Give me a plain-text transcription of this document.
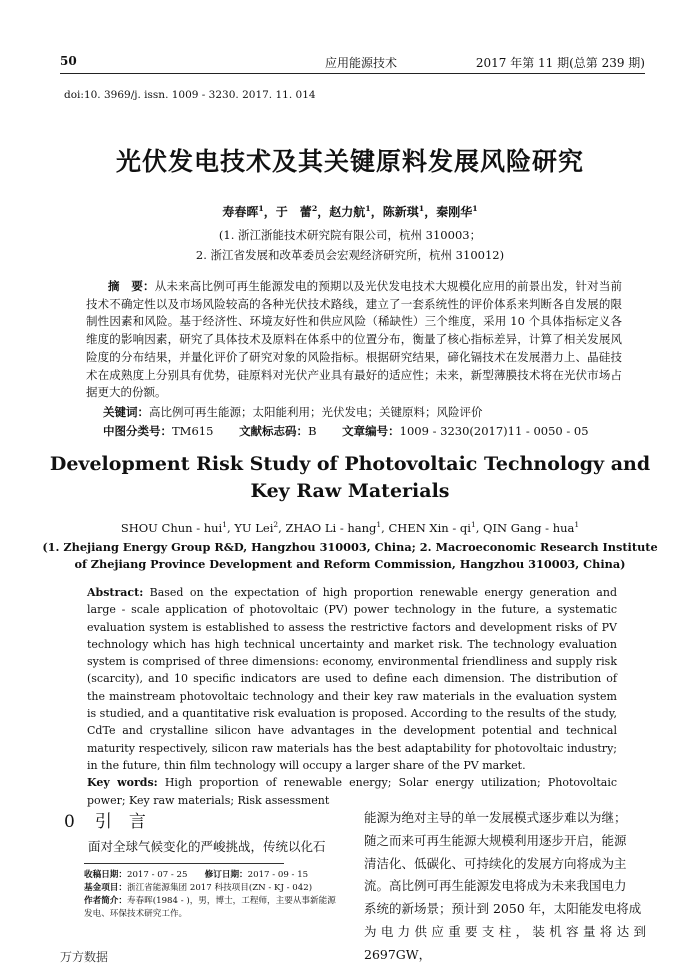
50	应用能源技术	2017 年第 11 期(总第 239 期)
doi:10. 3969/j. issn. 1009 - 3230. 2017. 11. 014
光伏发电技术及其关键原料发展风险研究
寿春晖$^1$，于　蕾$^2$，赵力航$^1$，陈新琪$^1$，秦刚华$^1$
(1. 浙江浙能技术研究院有限公司，杭州 310003；
2. 浙江省发展和改革委员会宏观经济研究所，杭州 310012)
摘　要：从未来高比例可再生能源发电的预期以及光伏发电技术大规模化应用的前景出发，针对当前技术不确定性以及市场风险较高的各种光伏技术路线，建立了一套系统性的评价体系来判断各自发展的限制性因素和风险。基于经济性、环境友好性和供应风险（稀缺性）三个维度，采用 10 个具体指标定义各维度的影响因素，研究了具体技术及原料在体系中的位置分布，衡量了核心指标差异，计算了相关发展风险度的分布结果，并量化评价了研究对象的风险指标。根据研究结果，碲化镉技术在发展潜力上、晶硅技术在成熟度上分别具有优势，硅原料对光伏产业具有最好的适应性；未来，新型薄膜技术将在光伏市场占据更大的份额。
关键词：高比例可再生能源；太阳能利用；光伏发电；关键原料；风险评价
中图分类号：TM615 文献标志码：B 文章编号：1009 - 3230(2017)11 - 0050 - 05
Development Risk Study of Photovoltaic Technology and
Key Raw Materials
SHOU Chun - hui$^1$, YU Lei$^2$, ZHAO Li - hang$^1$, CHEN Xin - $qi^1$, QIN Gang - hua$^1$
(1. Zhejiang Energy Group R&D, Hangzhou 310003, China; 2. Macroeconomic Research Institute
of Zhejiang Province Development and Reform Commission, Hangzhou 310003, China)
Abstract: Based on the expectation of high proportion renewable energy generation and large - scale application of photovoltaic (PV) power technology in the future, a systematic evaluation system is established to assess the restrictive factors and development risks of PV technology which has high technical uncertainty and market risk. The technology evaluation system is comprised of three dimensions: economy, environmental friendliness and supply risk (scarcity), and 10 specific indicators are used to define each dimension. The distribution of the mainstream photovoltaic technology and their key raw materials in the evaluation system is studied, and a quantitative risk evaluation is proposed. According to the results of the study, CdTe and crystalline silicon have advantages in the development potential and technical maturity respectively, silicon raw materials has the best adaptability for photovoltaic industry; in the future, thin film technology will occupy a larger share of the PV market.
Key words: High proportion of renewable energy; Solar energy utilization; Photovoltaic power; Key raw materials; Risk assessment
0 引　言
面对全球气候变化的严峻挑战，传统以化石
收稿日期：2017 - 07 - 25　　 修订日期：2017 - 09 - 15
基金项目：浙江省能源集团 2017 科技项目(ZN - KJ - 042)
作者简介：寿春晖(1984 - )，男，博士，工程师，主要从事新能源发电、环保技术研究工作。
能源为绝对主导的单一发展模式逐步难以为继；
随之而来可再生能源大规模利用逐步开启，能源
清洁化、低碳化、可持续化的发展方向将成为主
流。高比例可再生能源发电将成为未来我国电力
系统的新场景；预计到 2050 年，太阳能发电将成
为电力供应重要支柱，装机容量将达到 2697GW，
万方数据
